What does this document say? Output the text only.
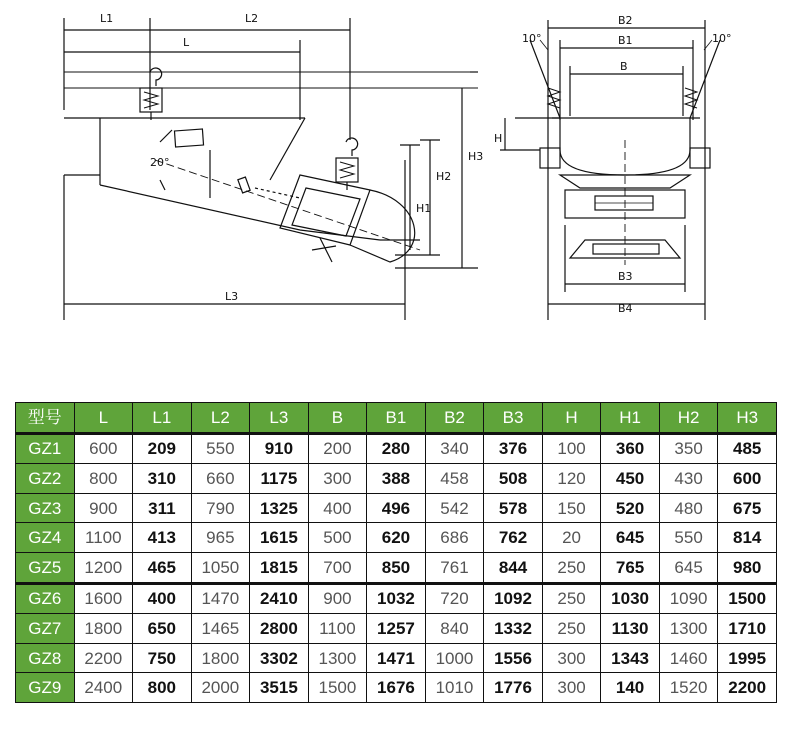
L1	L2
L
L3
H1
H2
H3
20°
B2
B1
B
H
B3
B4
10°	10°
型号	L	L1	L2	L3	B	B1	B2	B3	H	H1	H2	H3
GZ1	600	209	550	910	200	280	340	376	100	360	350	485
GZ2	800	310	660	1175	300	388	458	508	120	450	430	600
GZ3	900	311	790	1325	400	496	542	578	150	520	480	675
GZ4	1100	413	965	1615	500	620	686	762	20	645	550	814
GZ5	1200	465	1050	1815	700	850	761	844	250	765	645	980
GZ6	1600	400	1470	2410	900	1032	720	1092	250	1030	1090	1500
GZ7	1800	650	1465	2800	1100	1257	840	1332	250	1130	1300	1710
GZ8	2200	750	1800	3302	1300	1471	1000	1556	300	1343	1460	1995
GZ9	2400	800	2000	3515	1500	1676	1010	1776	300	140	1520	2200
